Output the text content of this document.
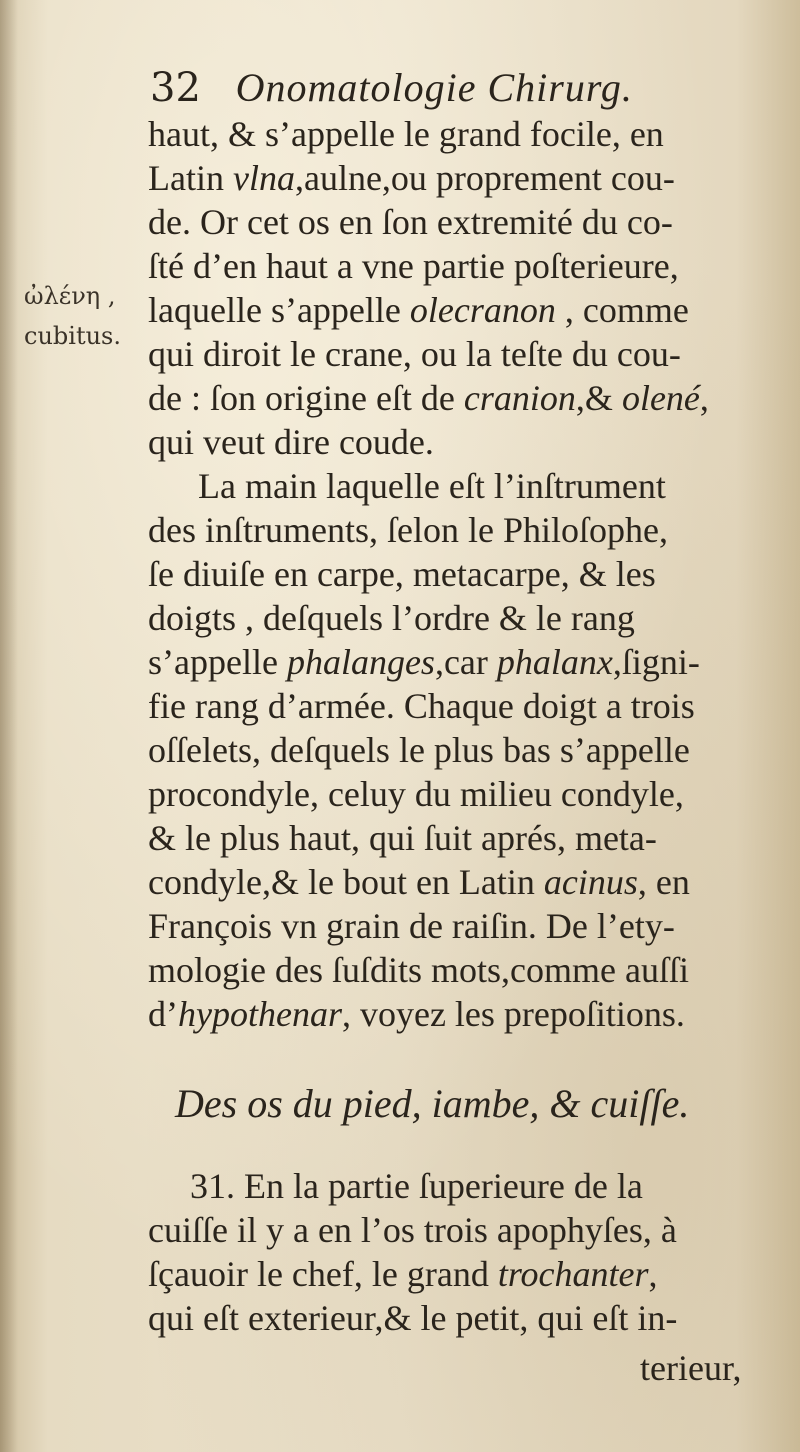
32 Onomatologie Chirurg.
ὠλένη ,
cubitus.
haut, & s’appelle le grand focile, en
Latin vlna,aulne,ou proprement cou-
de. Or cet os en ſon extremité du co-
ſté d’en haut a vne partie poſterieure,
laquelle s’appelle olecranon , comme
qui diroit le crane, ou la teſte du cou-
de : ſon origine eſt de cranion,& olené,
qui veut dire coude.
La main laquelle eſt l’inſtrument
des inſtruments, ſelon le Philoſophe,
ſe diuiſe en carpe, metacarpe, & les
doigts , deſquels l’ordre & le rang
s’appelle phalanges,car phalanx,ſigni-
fie rang d’armée. Chaque doigt a trois
oſſelets, deſquels le plus bas s’appelle
procondyle, celuy du milieu condyle,
& le plus haut, qui ſuit aprés, meta-
condyle,& le bout en Latin acinus, en
François vn grain de raiſin. De l’ety-
mologie des ſuſdits mots,comme auſſi
d’hypothenar, voyez les prepoſitions.
Des os du pied, iambe, & cuiſſe.
31. En la partie ſuperieure de la
cuiſſe il y a en l’os trois apophyſes, à
ſçauoir le chef, le grand trochanter,
qui eſt exterieur,& le petit, qui eſt in-
terieur,
